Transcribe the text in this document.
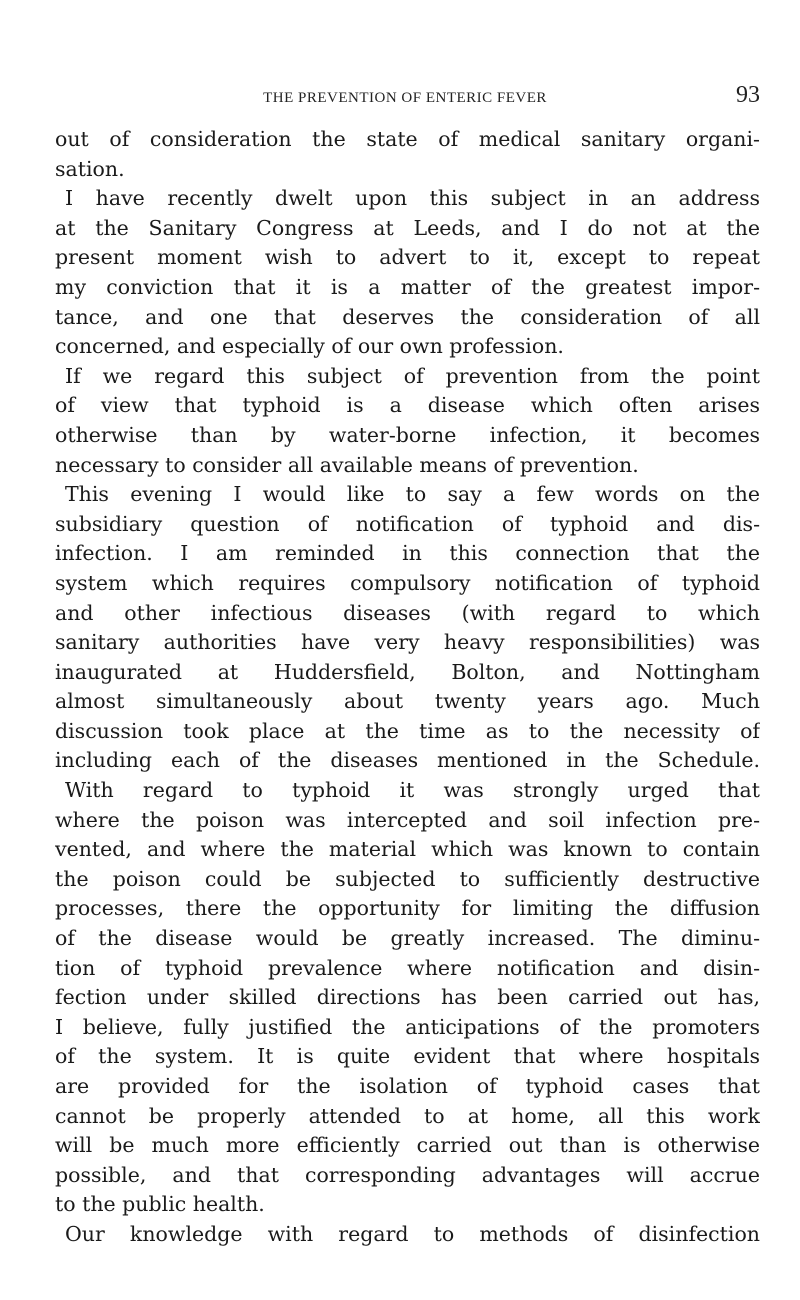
THE PREVENTION OF ENTERIC FEVER	93
out of consideration the state of medical sanitary organi-
sation.
I have recently dwelt upon this subject in an address
at the Sanitary Congress at Leeds, and I do not at the
present moment wish to advert to it, except to repeat
my conviction that it is a matter of the greatest impor-
tance, and one that deserves the consideration of all
concerned, and especially of our own profession.
If we regard this subject of prevention from the point
of view that typhoid is a disease which often arises
otherwise than by water-borne infection, it becomes
necessary to consider all available means of prevention.
This evening I would like to say a few words on the
subsidiary question of notification of typhoid and dis-
infection. I am reminded in this connection that the
system which requires compulsory notification of typhoid
and other infectious diseases (with regard to which
sanitary authorities have very heavy responsibilities) was
inaugurated at Huddersfield, Bolton, and Nottingham
almost simultaneously about twenty years ago. Much
discussion took place at the time as to the necessity of
including each of the diseases mentioned in the Schedule.
With regard to typhoid it was strongly urged that
where the poison was intercepted and soil infection pre-
vented, and where the material which was known to contain
the poison could be subjected to sufficiently destructive
processes, there the opportunity for limiting the diffusion
of the disease would be greatly increased. The diminu-
tion of typhoid prevalence where notification and disin-
fection under skilled directions has been carried out has,
I believe, fully justified the anticipations of the promoters
of the system. It is quite evident that where hospitals
are provided for the isolation of typhoid cases that
cannot be properly attended to at home, all this work
will be much more efficiently carried out than is otherwise
possible, and that corresponding advantages will accrue
to the public health.
Our knowledge with regard to methods of disinfection
